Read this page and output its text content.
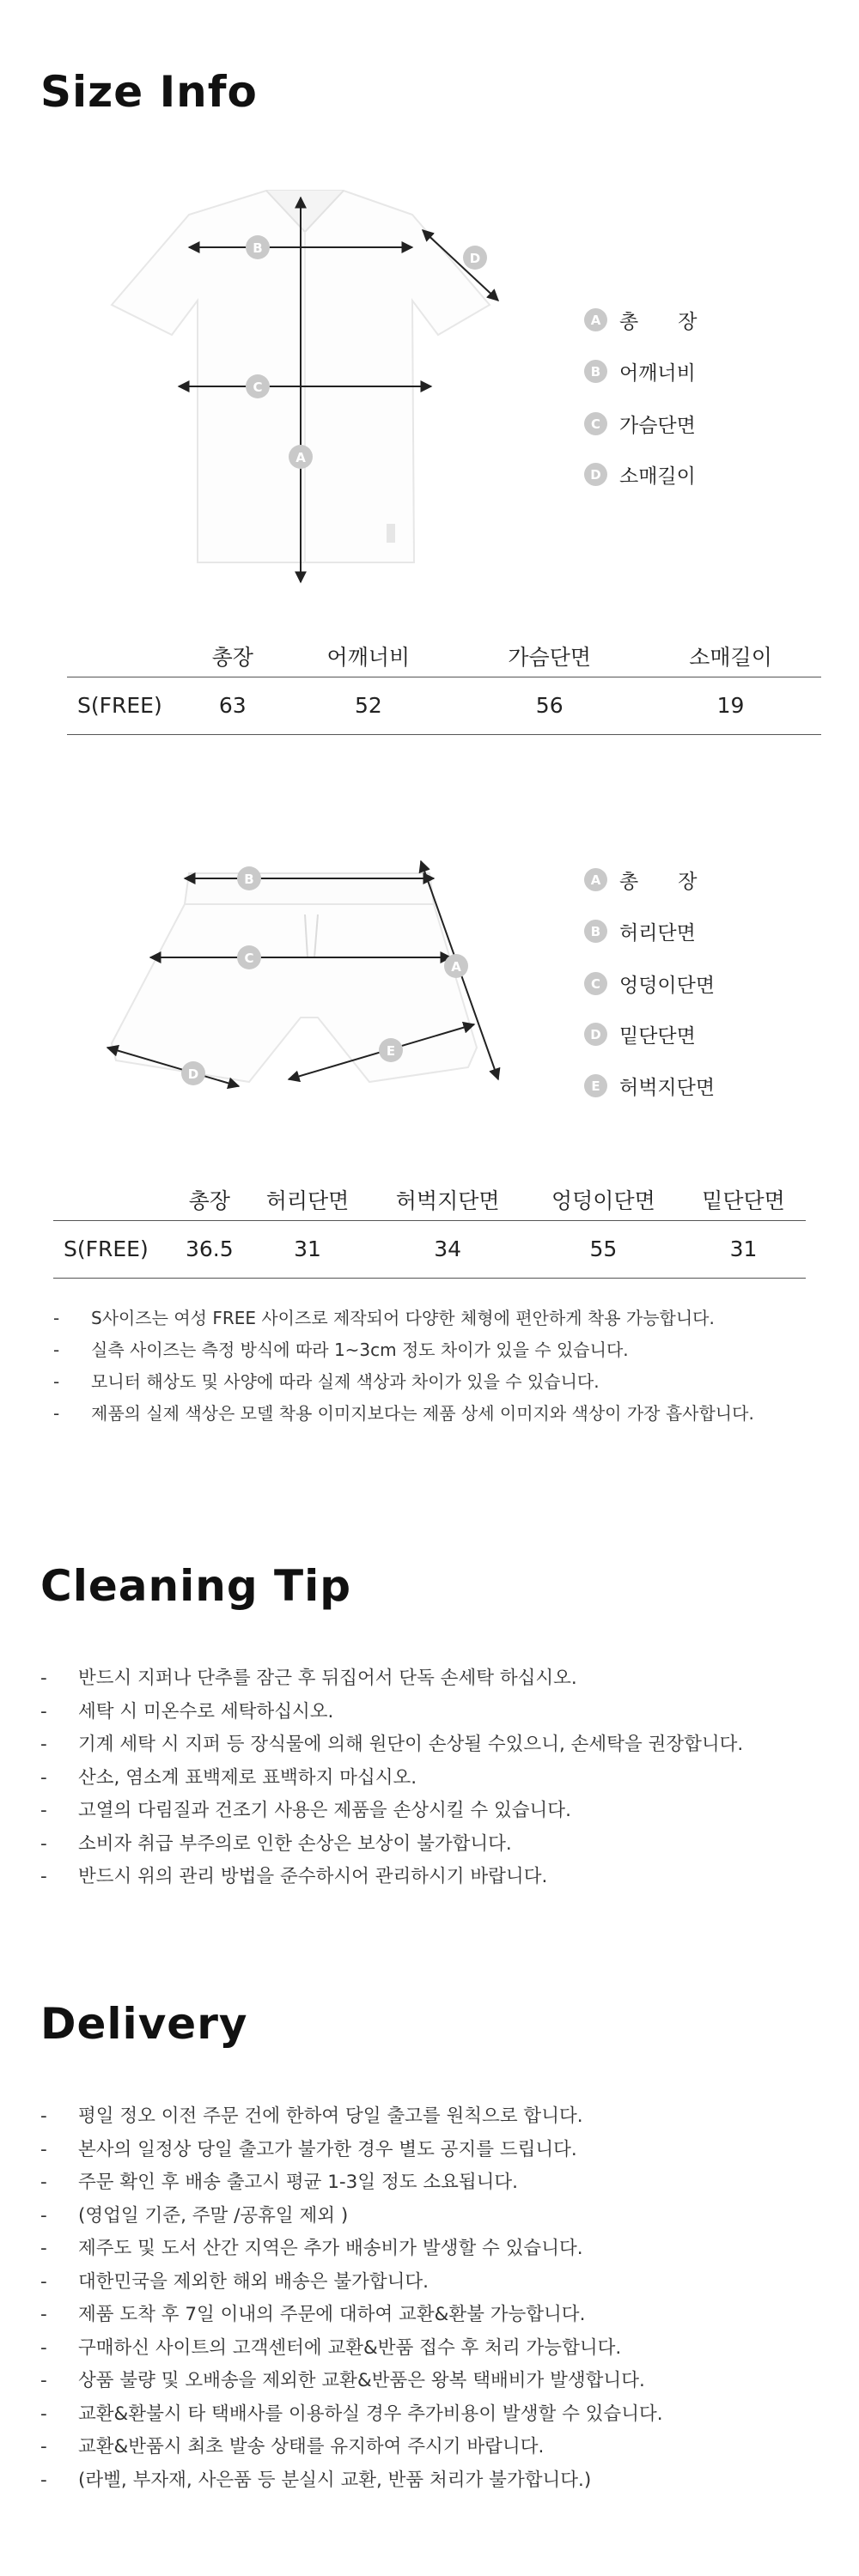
Size Info
B
C
A
D
A 총　　장
B 어깨너비
C 가슴단면
D 소매길이
	총장	어깨너비	가슴단면	소매길이
S(FREE)	63	52	56	19
B
C
A
D
E
A 총　　장
B 허리단면
C 엉덩이단면
D 밑단단면
E 허벅지단면
	총장	허리단면	허벅지단면	엉덩이단면	밑단단면
S(FREE)	36.5	31	34	55	31
-	S사이즈는 여성 FREE 사이즈로 제작되어 다양한 체형에 편안하게 착용 가능합니다.
-	실측 사이즈는 측정 방식에 따라 1~3cm 정도 차이가 있을 수 있습니다.
-	모니터 해상도 및 사양에 따라 실제 색상과 차이가 있을 수 있습니다.
-	제품의 실제 색상은 모델 착용 이미지보다는 제품 상세 이미지와 색상이 가장 흡사합니다.
Cleaning Tip
-	반드시 지퍼나 단추를 잠근 후 뒤집어서 단독 손세탁 하십시오.
-	세탁 시 미온수로 세탁하십시오.
-	기계 세탁 시 지퍼 등 장식물에 의해 원단이 손상될 수있으니, 손세탁을 권장합니다.
-	산소, 염소계 표백제로 표백하지 마십시오.
-	고열의 다림질과 건조기 사용은 제품을 손상시킬 수 있습니다.
-	소비자 취급 부주의로 인한 손상은 보상이 불가합니다.
-	반드시 위의 관리 방법을 준수하시어 관리하시기 바랍니다.
Delivery
-	평일 정오 이전 주문 건에 한하여 당일 출고를 원칙으로 합니다.
-	본사의 일정상 당일 출고가 불가한 경우 별도 공지를 드립니다.
-	주문 확인 후 배송 출고시 평균 1-3일 정도 소요됩니다.
-	(영업일 기준, 주말 /공휴일 제외 )
-	제주도 및 도서 산간 지역은 추가 배송비가 발생할 수 있습니다.
-	대한민국을 제외한 해외 배송은 불가합니다.
-	제품 도착 후 7일 이내의 주문에 대하여 교환&환불 가능합니다.
-	구매하신 사이트의 고객센터에 교환&반품 접수 후 처리 가능합니다.
-	상품 불량 및 오배송을 제외한 교환&반품은 왕복 택배비가 발생합니다.
-	교환&환불시 타 택배사를 이용하실 경우 추가비용이 발생할 수 있습니다.
-	교환&반품시 최초 발송 상태를 유지하여 주시기 바랍니다.
-	(라벨, 부자재, 사은품 등 분실시 교환, 반품 처리가 불가합니다.)
